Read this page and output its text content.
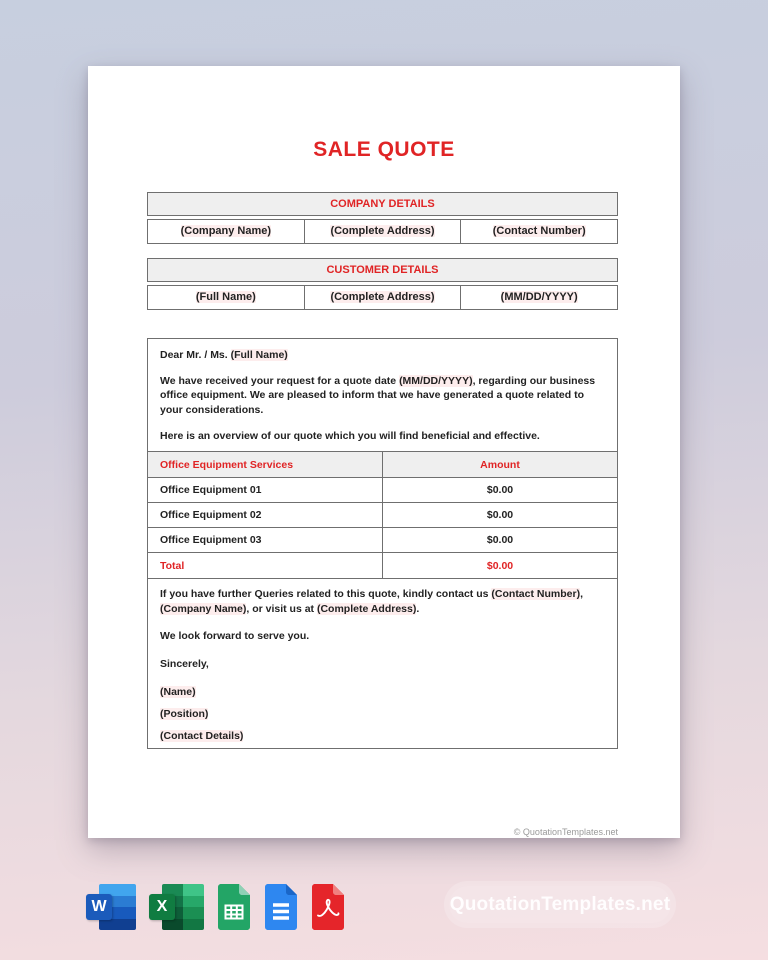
SALE QUOTE
COMPANY DETAILS
(Company Name)	(Complete Address)	(Contact Number)
CUSTOMER DETAILS
(Full Name)	(Complete Address)	(MM/DD/YYYY)

Dear Mr. / Ms. (Full Name)

We have received your request for a quote date (MM/DD/YYYY), regarding our business office equipment. We are pleased to inform that we have generated a quote related to your considerations.

Here is an overview of our quote which you will find beneficial and effective.

Office Equipment Services	Amount
Office Equipment 01	$0.00
Office Equipment 02	$0.00
Office Equipment 03	$0.00
Total	$0.00

If you have further Queries related to this quote, kindly contact us (Contact Number), (Company Name), or visit us at (Complete Address).

We look forward to serve you.

Sincerely,

(Name)

(Position)

(Contact Details)

© QuotationTemplates.net
W	X	QuotationTemplates.net
